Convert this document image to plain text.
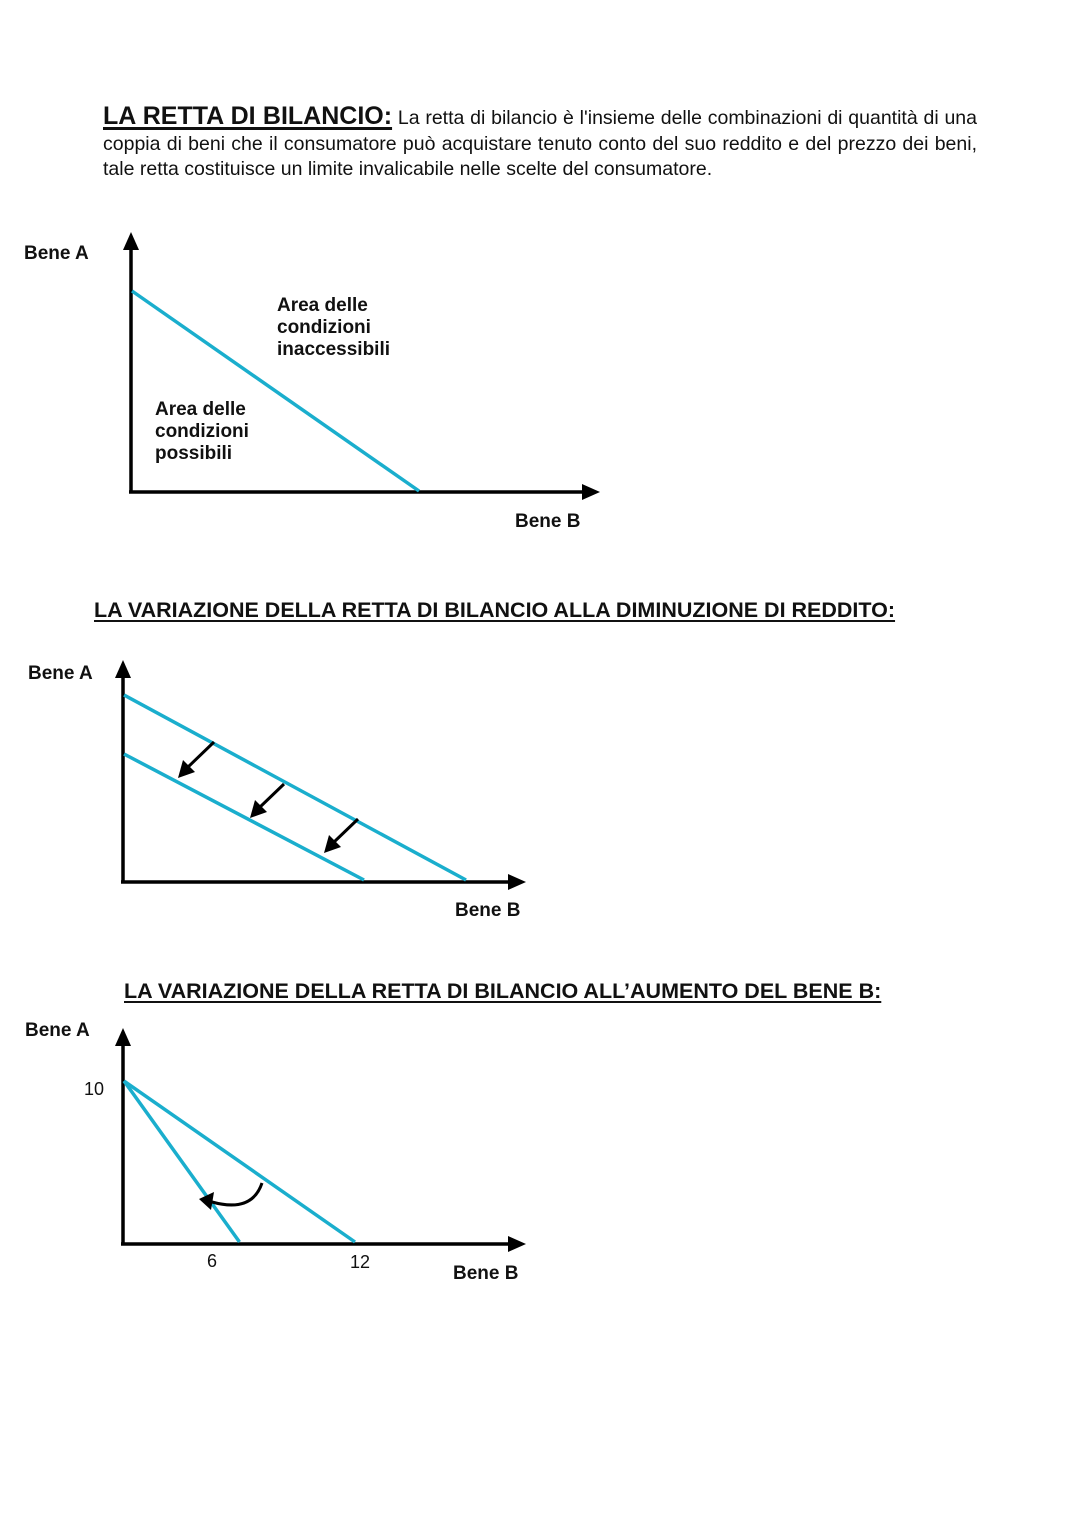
LA RETTA DI BILANCIO: La retta di bilancio è l'insieme delle combinazioni di quantità di una coppia di beni che il consumatore può acquistare tenuto conto del suo reddito e del prezzo dei beni, tale retta costituisce un limite invalicabile nelle scelte del consumatore.

Bene A
Area delle condizioni inaccessibili
Area delle condizioni possibili
Bene B

LA VARIAZIONE DELLA RETTA DI BILANCIO ALLA DIMINUZIONE DI REDDITO:

Bene A
Bene B

LA VARIAZIONE DELLA RETTA DI BILANCIO ALL’AUMENTO DEL BENE B:

Bene A
10
6	12
Bene B
